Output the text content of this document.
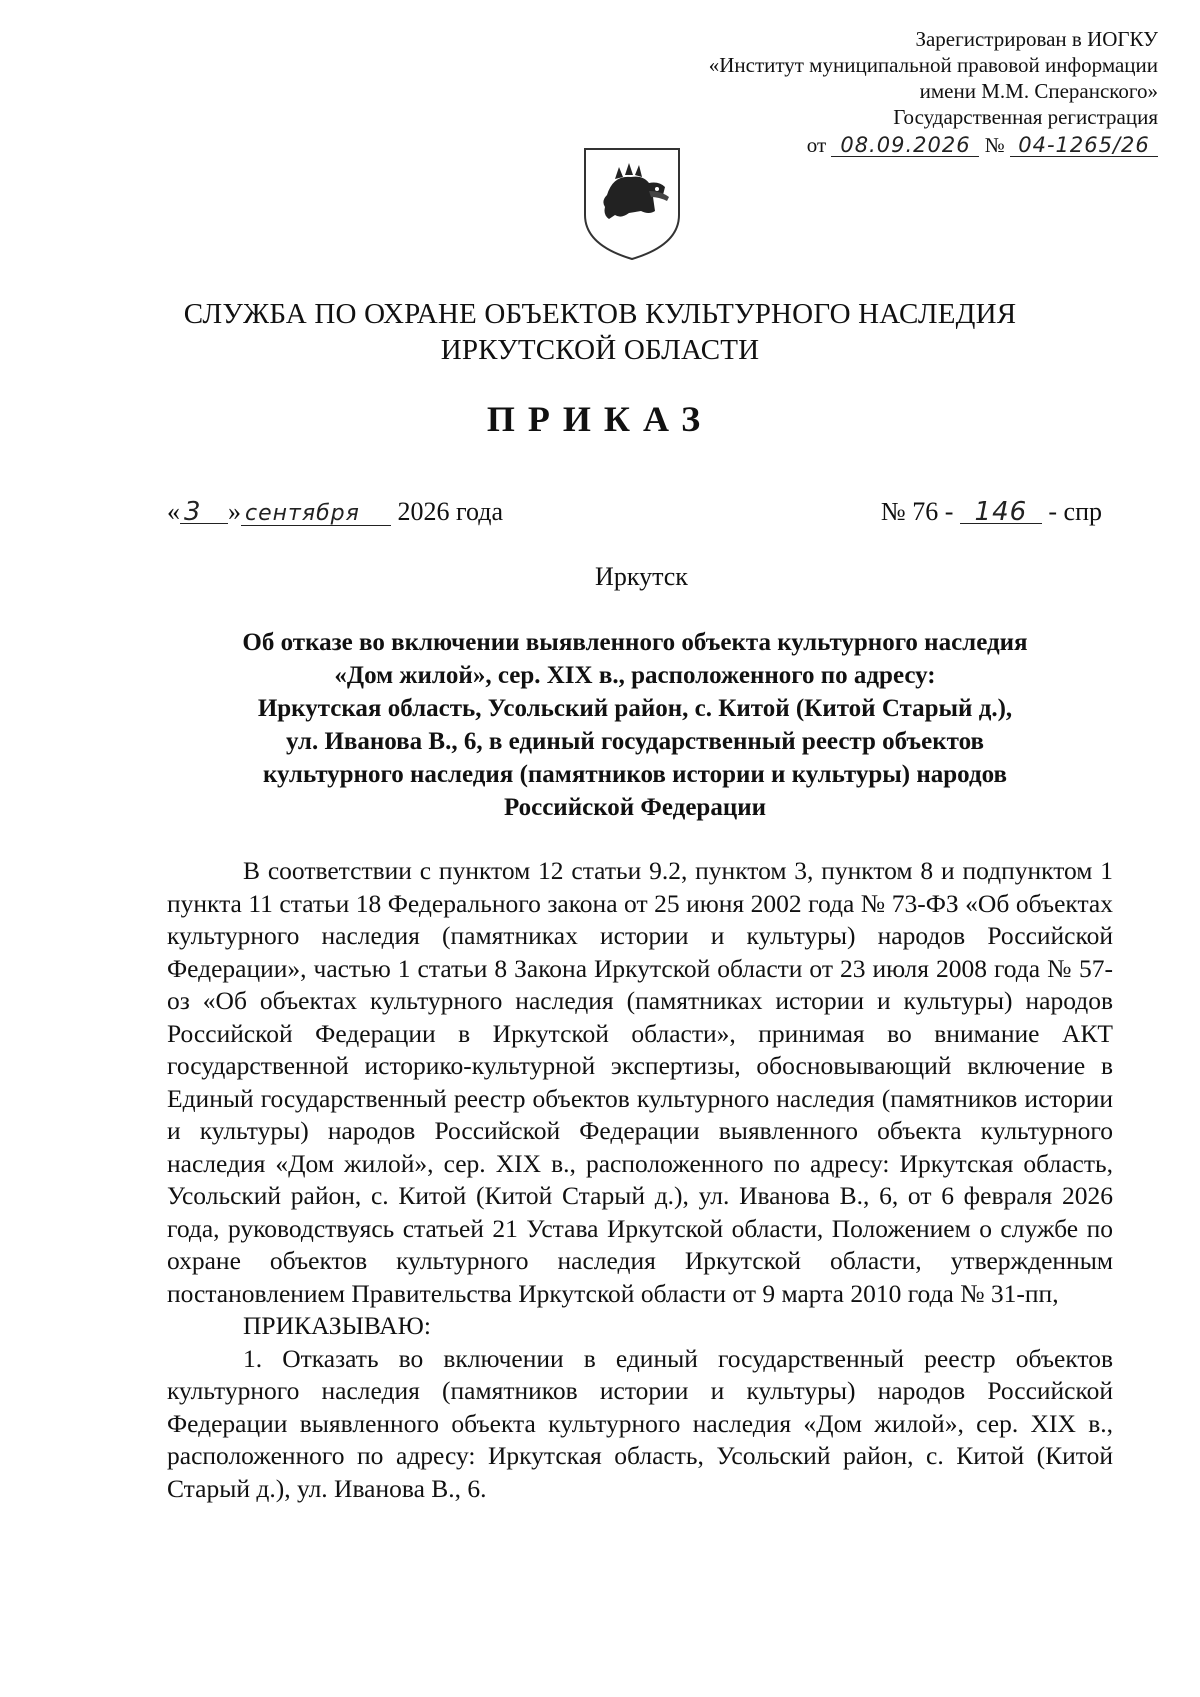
Зарегистрирован в ИОГКУ
«Институт муниципальной правовой информации
имени М.М. Сперанского»
Государственная регистрация
от 08.09.2026 № 04-1265/26
СЛУЖБА ПО ОХРАНЕ ОБЪЕКТОВ КУЛЬТУРНОГО НАСЛЕДИЯ
ИРКУТСКОЙ ОБЛАСТИ
ПРИКАЗ
« 3 » сентября 2026 года	№ 76 - 146 - спр
Иркутск
Об отказе во включении выявленного объекта культурного наследия
«Дом жилой», сер. XIX в., расположенного по адресу:
Иркутская область, Усольский район, с. Китой (Китой Старый д.),
ул. Иванова В., 6, в единый государственный реестр объектов
культурного наследия (памятников истории и культуры) народов
Российской Федерации

В соответствии с пунктом 12 статьи 9.2, пунктом 3, пунктом 8 и подпунктом 1 пункта 11 статьи 18 Федерального закона от 25 июня 2002 года № 73-ФЗ «Об объектах культурного наследия (памятниках истории и культуры) народов Российской Федерации», частью 1 статьи 8 Закона Иркутской области от 23 июля 2008 года № 57-оз «Об объектах культурного наследия (памятниках истории и культуры) народов Российской Федерации в Иркутской области», принимая во внимание АКТ государственной историко-культурной экспертизы, обосновывающий включение в Единый государственный реестр объектов культурного наследия (памятников истории и культуры) народов Российской Федерации выявленного объекта культурного наследия «Дом жилой», сер. XIX в., расположенного по адресу: Иркутская область, Усольский район, с. Китой (Китой Старый д.), ул. Иванова В., 6, от 6 февраля 2026 года, руководствуясь статьей 21 Устава Иркутской области, Положением о службе по охране объектов культурного наследия Иркутской области, утвержденным постановлением Правительства Иркутской области от 9 марта 2010 года № 31-пп,

ПРИКАЗЫВАЮ:

1. Отказать во включении в единый государственный реестр объектов культурного наследия (памятников истории и культуры) народов Российской Федерации выявленного объекта культурного наследия «Дом жилой», сер. XIX в., расположенного по адресу: Иркутская область, Усольский район, с. Китой (Китой Старый д.), ул. Иванова В., 6.
